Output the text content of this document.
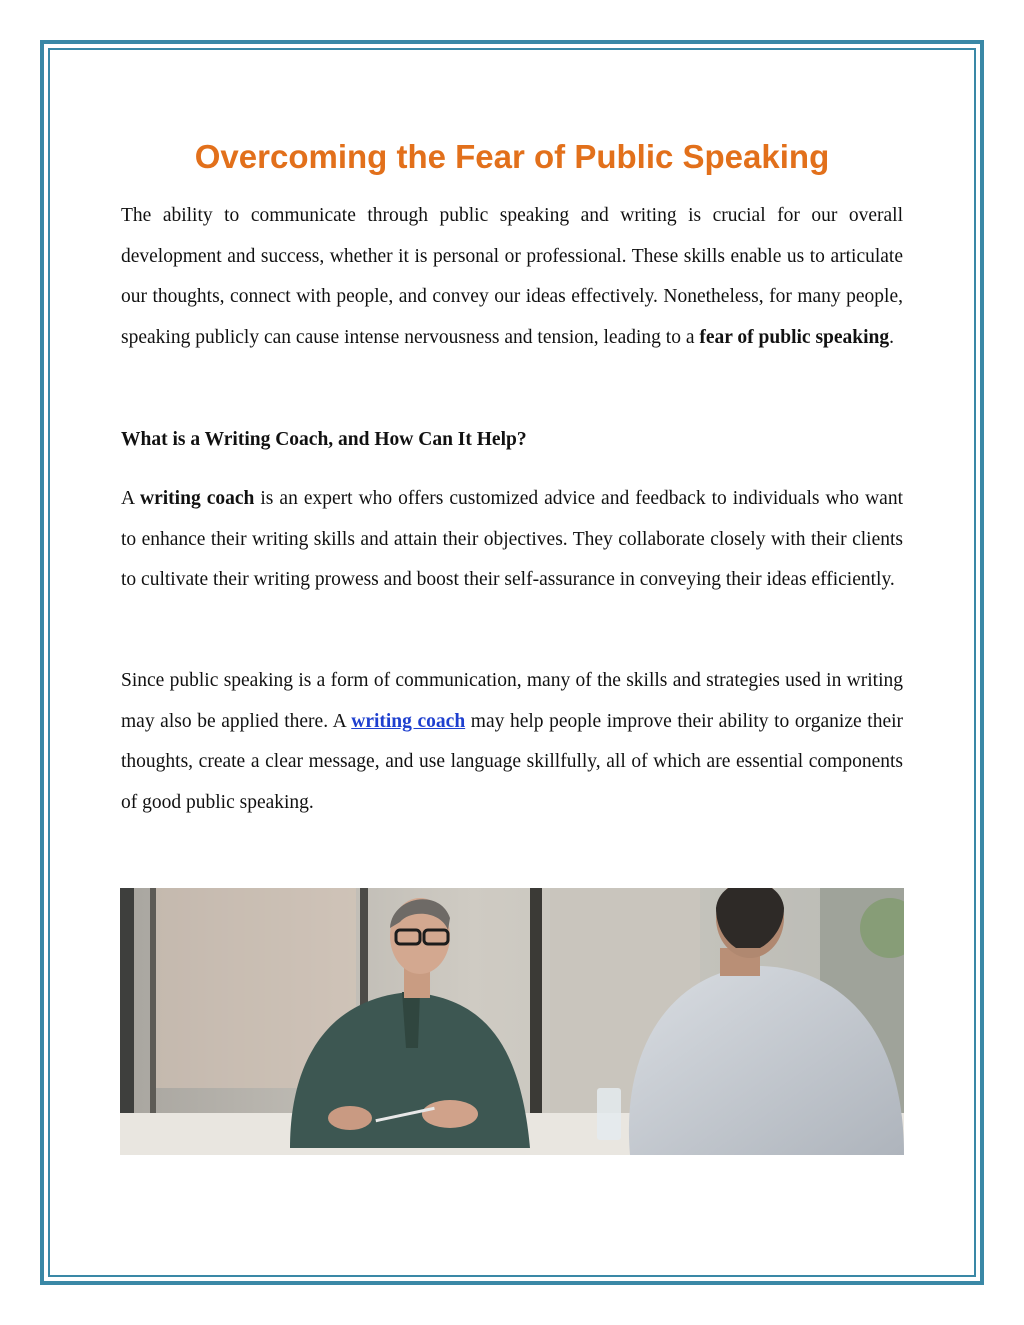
Overcoming the Fear of Public Speaking

The ability to communicate through public speaking and writing is crucial for our overall development and success, whether it is personal or professional. These skills enable us to articulate our thoughts, connect with people, and convey our ideas effectively. Nonetheless, for many people, speaking publicly can cause intense nervousness and tension, leading to a fear of public speaking.

What is a Writing Coach, and How Can It Help?

A writing coach is an expert who offers customized advice and feedback to individuals who want to enhance their writing skills and attain their objectives. They collaborate closely with their clients to cultivate their writing prowess and boost their self-assurance in conveying their ideas efficiently.

Since public speaking is a form of communication, many of the skills and strategies used in writing may also be applied there. A writing coach may help people improve their ability to organize their thoughts, create a clear message, and use language skillfully, all of which are essential components of good public speaking.
